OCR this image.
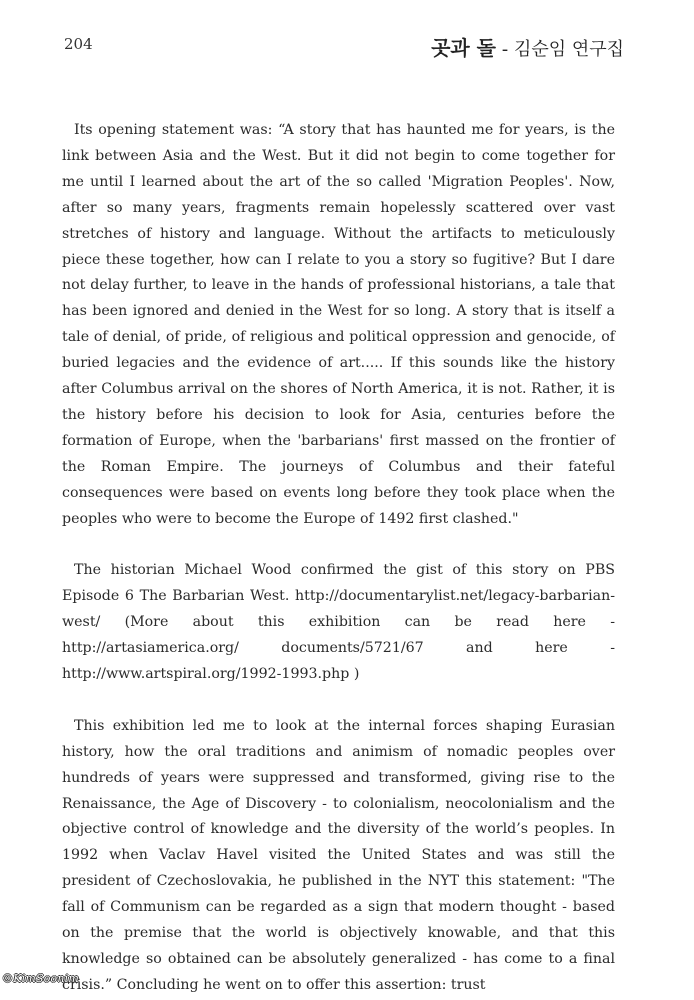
204	곳과 돌 - 김순임 연구집

Its opening statement was: “A story that has haunted me for years, is the link between Asia and the West. But it did not begin to come together for me until I learned about the art of the so called 'Migration Peoples'. Now, after so many years, fragments remain hopelessly scattered over vast stretches of history and language. Without the artifacts to meticulously piece these together, how can I relate to you a story so fugitive? But I dare not delay further, to leave in the hands of professional historians, a tale that has been ignored and denied in the West for so long. A story that is itself a tale of denial, of pride, of religious and political oppression and genocide, of buried legacies and the evidence of art..... If this sounds like the history after Columbus arrival on the shores of North America, it is not. Rather, it is the history before his decision to look for Asia, centuries before the formation of Europe, when the 'barbarians' first massed on the frontier of the Roman Empire. The journeys of Columbus and their fateful consequences were based on events long before they took place when the peoples who were to become the Europe of 1492 first clashed."

The historian Michael Wood confirmed the gist of this story on PBS Episode 6 The Barbarian West. http://documentarylist.net/legacy-barbarian-west/ (More about this exhibition can be read here - http://artasiamerica.org/ documents/5721/67 and here -http://www.artspiral.org/1992-1993.php )

This exhibition led me to look at the internal forces shaping Eurasian history, how the oral traditions and animism of nomadic peoples over hundreds of years were suppressed and transformed, giving rise to the Renaissance, the Age of Discovery - to colonialism, neocolonialism and the objective control of knowledge and the diversity of the world’s peoples. In 1992 when Vaclav Havel visited the United States and was still the president of Czechoslovakia, he published in the NYT this statement: "The fall of Communism can be regarded as a sign that modern thought - based on the premise that the world is objectively knowable, and that this knowledge so obtained can be absolutely generalized - has come to a final crisis.” Concluding he went on to offer this assertion: trust

©KimSoonim
